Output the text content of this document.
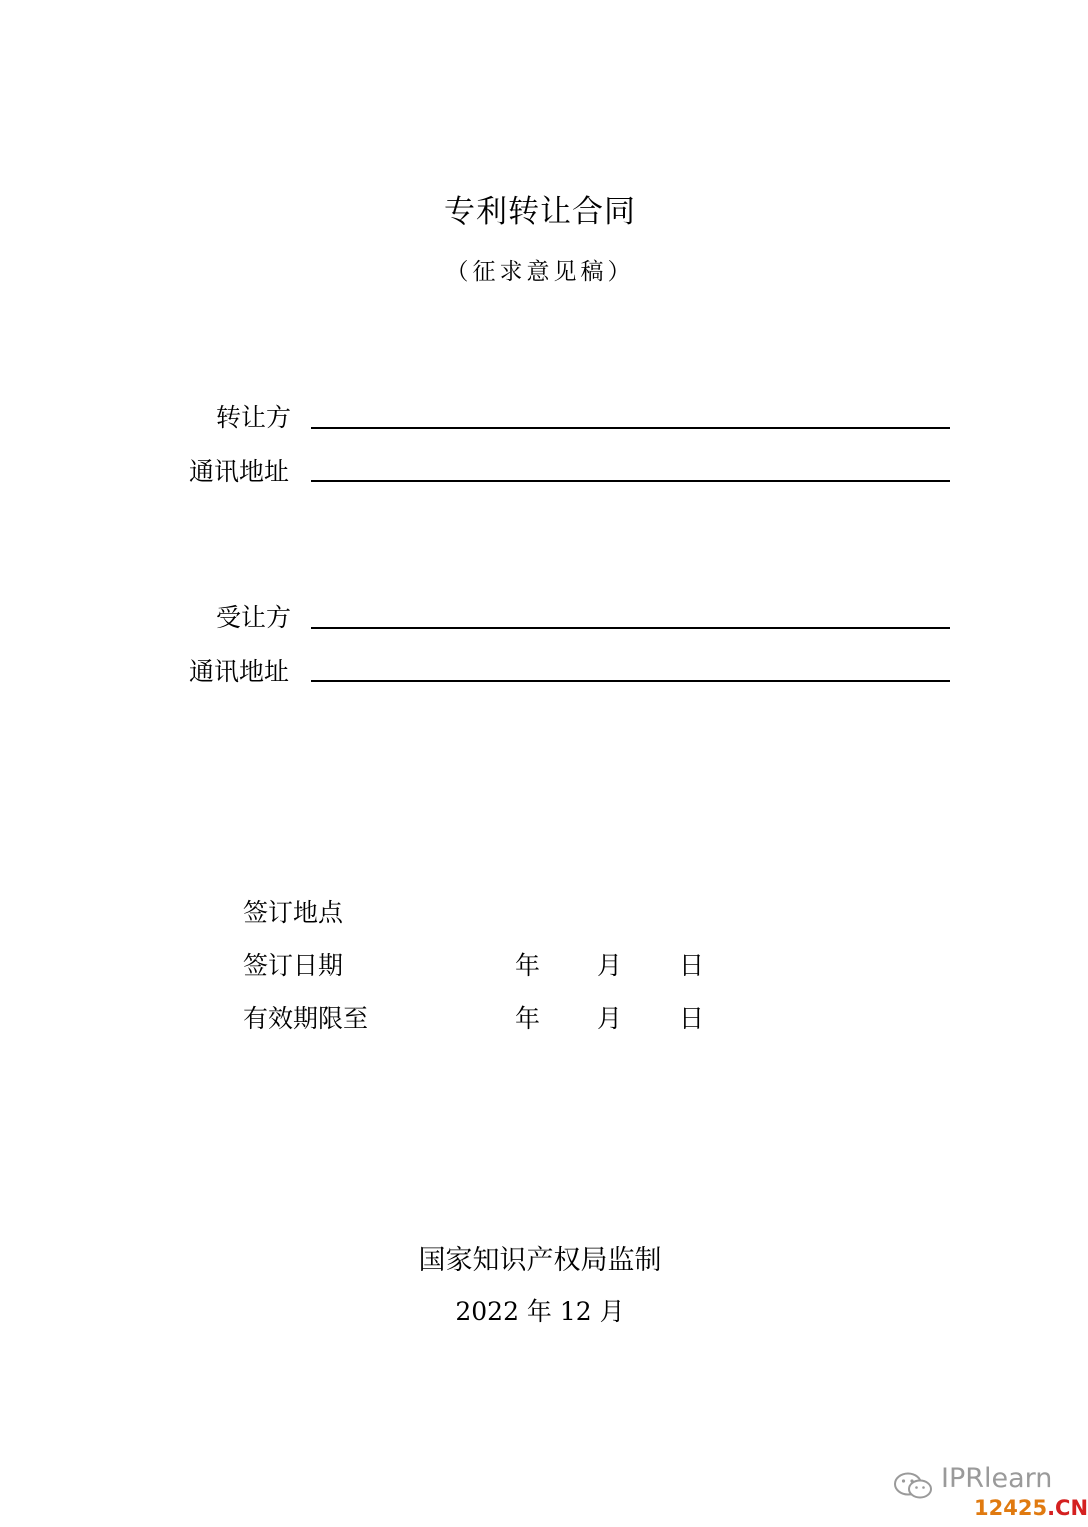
专利转让合同
（征求意见稿）
转让方
通讯地址
受让方
通讯地址
签订地点
签订日期	年 月 日
有效期限至	年 月 日
国家知识产权局监制
2022 年 12 月
IPRlearn
12425.CN
